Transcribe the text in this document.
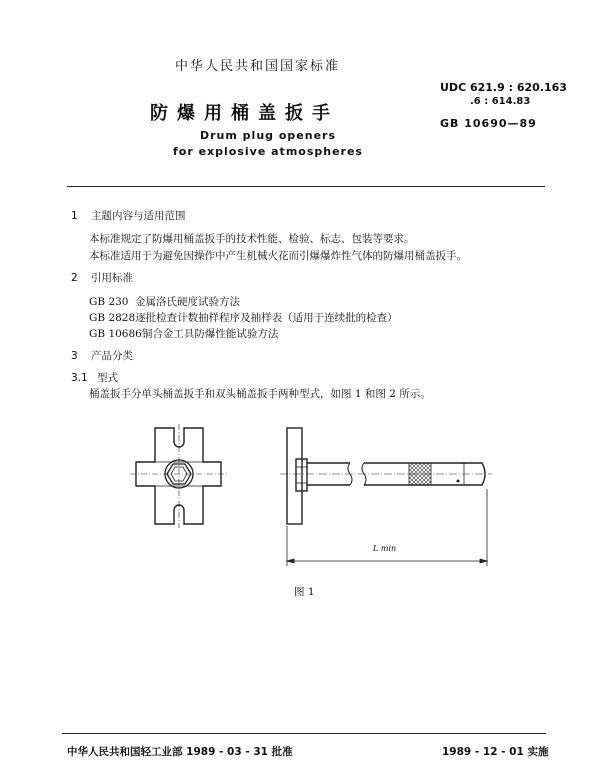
中华人民共和国国家标准
防爆用桶盖扳手
Drum plug openers
for explosive atmospheres
UDC 621.9 : 620.163
.6 : 614.83
GB 10690—89
1 主题内容与适用范围
本标准规定了防爆用桶盖扳手的技术性能、检验、标志、包装等要求。
本标准适用于为避免因操作中产生机械火花而引爆爆炸性气体的防爆用桶盖扳手。
2 引用标准
GB 230 金属洛氏硬度试验方法
GB 2828逐批检查计数抽样程序及抽样表（适用于连续批的检查）
GB 10686铜合金工具防爆性能试验方法
3 产品分类
3.1 型式
桶盖扳手分单头桶盖扳手和双头桶盖扳手两种型式，如图 1 和图 2 所示。
L min
图 1
中华人民共和国轻工业部 1989 - 03 - 31 批准	1989 - 12 - 01 实施
